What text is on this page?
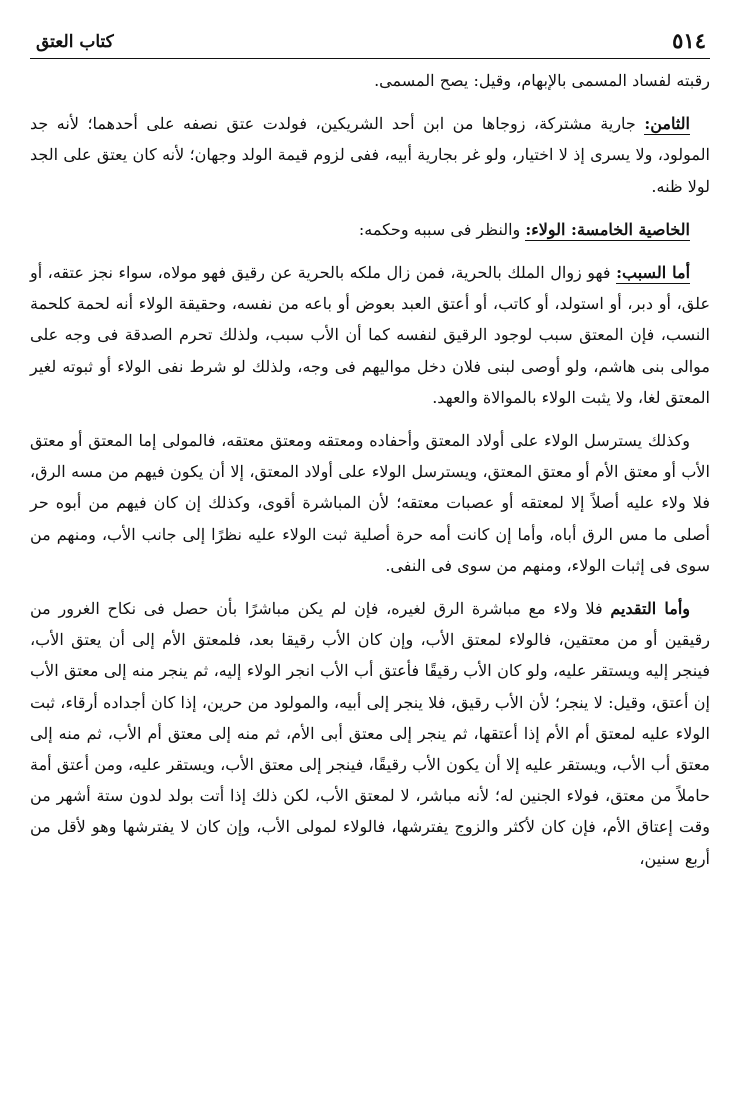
٥١٤
كتاب العتق

رقبته لفساد المسمى بالإبهام، وقيل: يصح المسمى.

الثامن: جارية مشتركة، زوجاها من ابن أحد الشريكين، فولدت عتق نصفه على أحدهما؛ لأنه جد المولود، ولا يسرى إذ لا اختيار، ولو غر بجارية أبيه، ففى لزوم قيمة الولد وجهان؛ لأنه كان يعتق على الجد لولا ظنه.

الخاصية الخامسة: الولاء: والنظر فى سببه وحكمه:

أما السبب: فهو زوال الملك بالحرية، فمن زال ملكه بالحرية عن رقيق فهو مولاه، سواء نجز عتقه، أو علق، أو دبر، أو استولد، أو كاتب، أو أعتق العبد بعوض أو باعه من نفسه، وحقيقة الولاء أنه لحمة كلحمة النسب، فإن المعتق سبب لوجود الرقيق لنفسه كما أن الأب سبب، ولذلك تحرم الصدقة فى وجه على موالى بنى هاشم، ولو أوصى لبنى فلان دخل مواليهم فى وجه، ولذلك لو شرط نفى الولاء أو ثبوته لغير المعتق لغا، ولا يثبت الولاء بالموالاة والعهد.

وكذلك يسترسل الولاء على أولاد المعتق وأحفاده ومعتقه ومعتق معتقه، فالمولى إما المعتق أو معتق الأب أو معتق الأم أو معتق المعتق، ويسترسل الولاء على أولاد المعتق، إلا أن يكون فيهم من مسه الرق، فلا ولاء عليه أصلاً إلا لمعتقه أو عصبات معتقه؛ لأن المباشرة أقوى، وكذلك إن كان فيهم من أبوه حر أصلى ما مس الرق أباه، وأما إن كانت أمه حرة أصلية ثبت الولاء عليه نظرًا إلى جانب الأب، ومنهم من سوى فى إثبات الولاء، ومنهم من سوى فى النفى.

وأما التقديم فلا ولاء مع مباشرة الرق لغيره، فإن لم يكن مباشرًا بأن حصل فى نكاح الغرور من رقيقين أو من معتقين، فالولاء لمعتق الأب، وإن كان الأب رقيقا بعد، فلمعتق الأم إلى أن يعتق الأب، فينجر إليه ويستقر عليه، ولو كان الأب رقيقًا فأعتق أب الأب انجر الولاء إليه، ثم ينجر منه إلى معتق الأب إن أعتق، وقيل: لا ينجر؛ لأن الأب رقيق، فلا ينجر إلى أبيه، والمولود من حرين، إذا كان أجداده أرقاء، ثبت الولاء عليه لمعتق أم الأم إذا أعتقها، ثم ينجر إلى معتق أبى الأم، ثم منه إلى معتق أم الأب، ثم منه إلى معتق أب الأب، ويستقر عليه إلا أن يكون الأب رقيقًا، فينجر إلى معتق الأب، ويستقر عليه، ومن أعتق أمة حاملاً من معتق، فولاء الجنين له؛ لأنه مباشر، لا لمعتق الأب، لكن ذلك إذا أتت بولد لدون ستة أشهر من وقت إعتاق الأم، فإن كان لأكثر والزوج يفترشها، فالولاء لمولى الأب، وإن كان لا يفترشها وهو لأقل من أربع سنين،
